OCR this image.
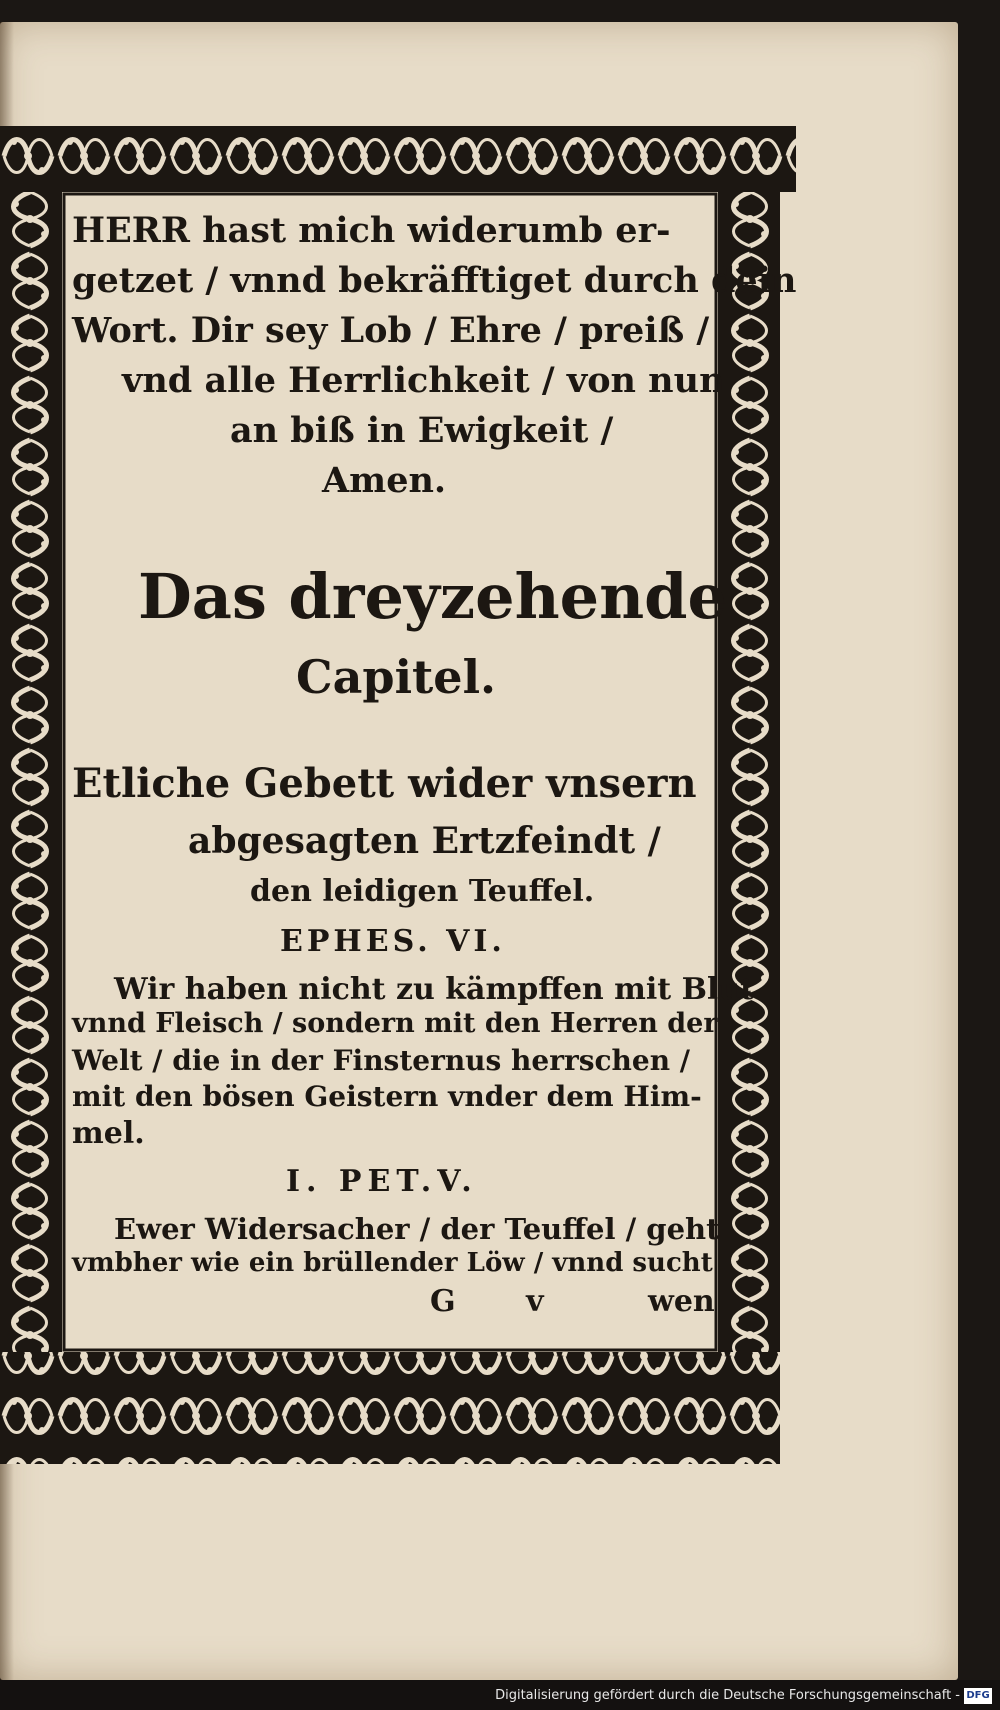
HERR hast mich widerumb er-
getzet / vnnd bekräfftiget durch dein
Wort. Dir sey Lob / Ehre / preiß /
vnd alle Herrlichkeit / von nun
an biß in Ewigkeit /
Amen.
Das dreyzehende
Capitel.
Etliche Gebett wider vnsern
abgesagten Ertzfeindt /
den leidigen Teuffel.
EPHES. VI.
Wir haben nicht zu kämpffen mit Blut
vnnd Fleisch / sondern mit den Herren der
Welt / die in der Finsternus herrschen /
mit den bösen Geistern vnder dem Him-
mel.
I. PET.V.
Ewer Widersacher / der Teuffel / geht
vmbher wie ein brüllender Löw / vnnd sucht
G v wen
Digitalisierung gefördert durch die Deutsche Forschungsgemeinschaft - DFG
